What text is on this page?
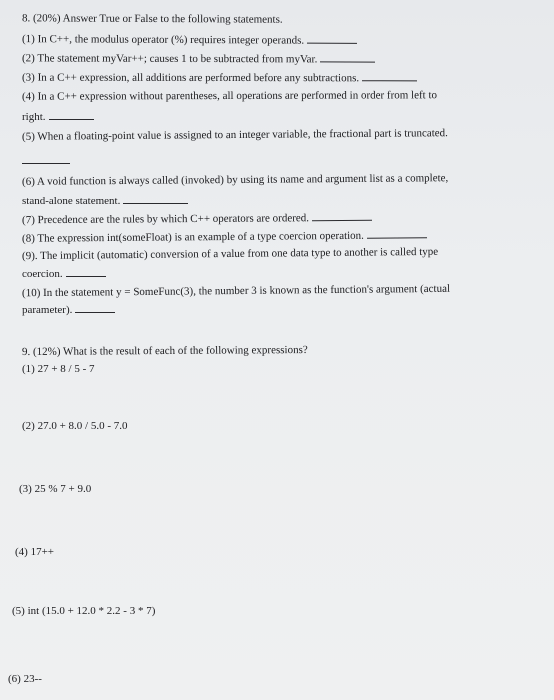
8. (20%) Answer True or False to the following statements.
(1) In C++, the modulus operator (%) requires integer operands.
(2) The statement myVar++; causes 1 to be subtracted from myVar.
(3) In a C++ expression, all additions are performed before any subtractions.
(4) In a C++ expression without parentheses, all operations are performed in order from left to
right.
(5) When a floating-point value is assigned to an integer variable, the fractional part is truncated.
(6) A void function is always called (invoked) by using its name and argument list as a complete,
stand-alone statement.
(7) Precedence are the rules by which C++ operators are ordered.
(8) The expression int(someFloat) is an example of a type coercion operation.
(9). The implicit (automatic) conversion of a value from one data type to another is called type
coercion.
(10) In the statement y = SomeFunc(3), the number 3 is known as the function's argument (actual
parameter).
9. (12%) What is the result of each of the following expressions?
(1) 27 + 8 / 5 - 7
(2) 27.0 + 8.0 / 5.0 - 7.0
(3) 25 % 7 + 9.0
(4) 17++
(5) int (15.0 + 12.0 * 2.2 - 3 * 7)
(6) 23--
